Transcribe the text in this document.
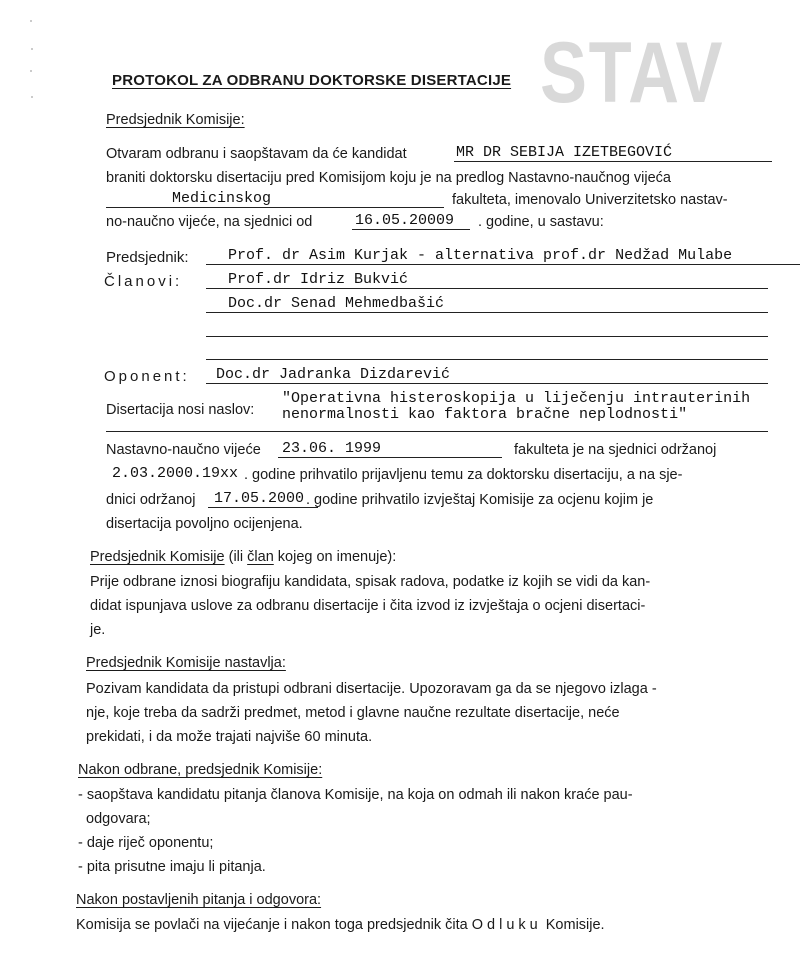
STAV
PROTOKOL ZA ODBRANU DOKTORSKE DISERTACIJE
Predsjednik Komisije:
Otvaram odbranu i saopštavam da će kandidat	MR DR SEBIJA IZETBEGOVIĆ
braniti doktorsku disertaciju pred Komisijom koju je na predlog Nastavno-naučnog vijeća
Medicinskog	fakulteta, imenovalo Univerzitetsko nastav-
no-naučno vijeće, na sjednici od	16.05.20009 . godine, u sastavu:
Predsjednik:	Prof. dr Asim Kurjak - alternativa prof.dr Nedžad Mulabe
Članovi:	Prof.dr Idriz Bukvić
Doc.dr Senad Mehmedbašić
Oponent: Doc.dr Jadranka Dizdarević
Disertacija nosi naslov:
"Operativna histeroskopija u liječenju intrauterinih
nenormalnosti kao faktora bračne neplodnosti"
Nastavno-naučno vijeće 23.06. 1999	fakulteta je na sjednici održanoj
2.03.2000.19xx . godine prihvatilo prijavljenu temu za doktorsku disertaciju, a na sje-
dnici održanoj 17.05.2000 . godine prihvatilo izvještaj Komisije za ocjenu kojim je
disertacija povoljno ocijenjena.
Predsjednik Komisije (ili član kojeg on imenuje):
Prije odbrane iznosi biografiju kandidata, spisak radova, podatke iz kojih se vidi da kan-
didat ispunjava uslove za odbranu disertacije i čita izvod iz izvještaja o ocjeni disertaci-
je.
Predsjednik Komisije nastavlja:
Pozivam kandidata da pristupi odbrani disertacije. Upozoravam ga da se njegovo izlaga -
nje, koje treba da sadrži predmet, metod i glavne naučne rezultate disertacije, neće
prekidati, i da može trajati najviše 60 minuta.
Nakon odbrane, predsjednik Komisije:
- saopštava kandidatu pitanja članova Komisije, na koja on odmah ili nakon kraće pau-
odgovara;
- daje riječ oponentu;
- pita prisutne imaju li pitanja.
Nakon postavljenih pitanja i odgovora:
Komisija se povlači na vijećanje i nakon toga predsjednik čita Odluku Komisije.
